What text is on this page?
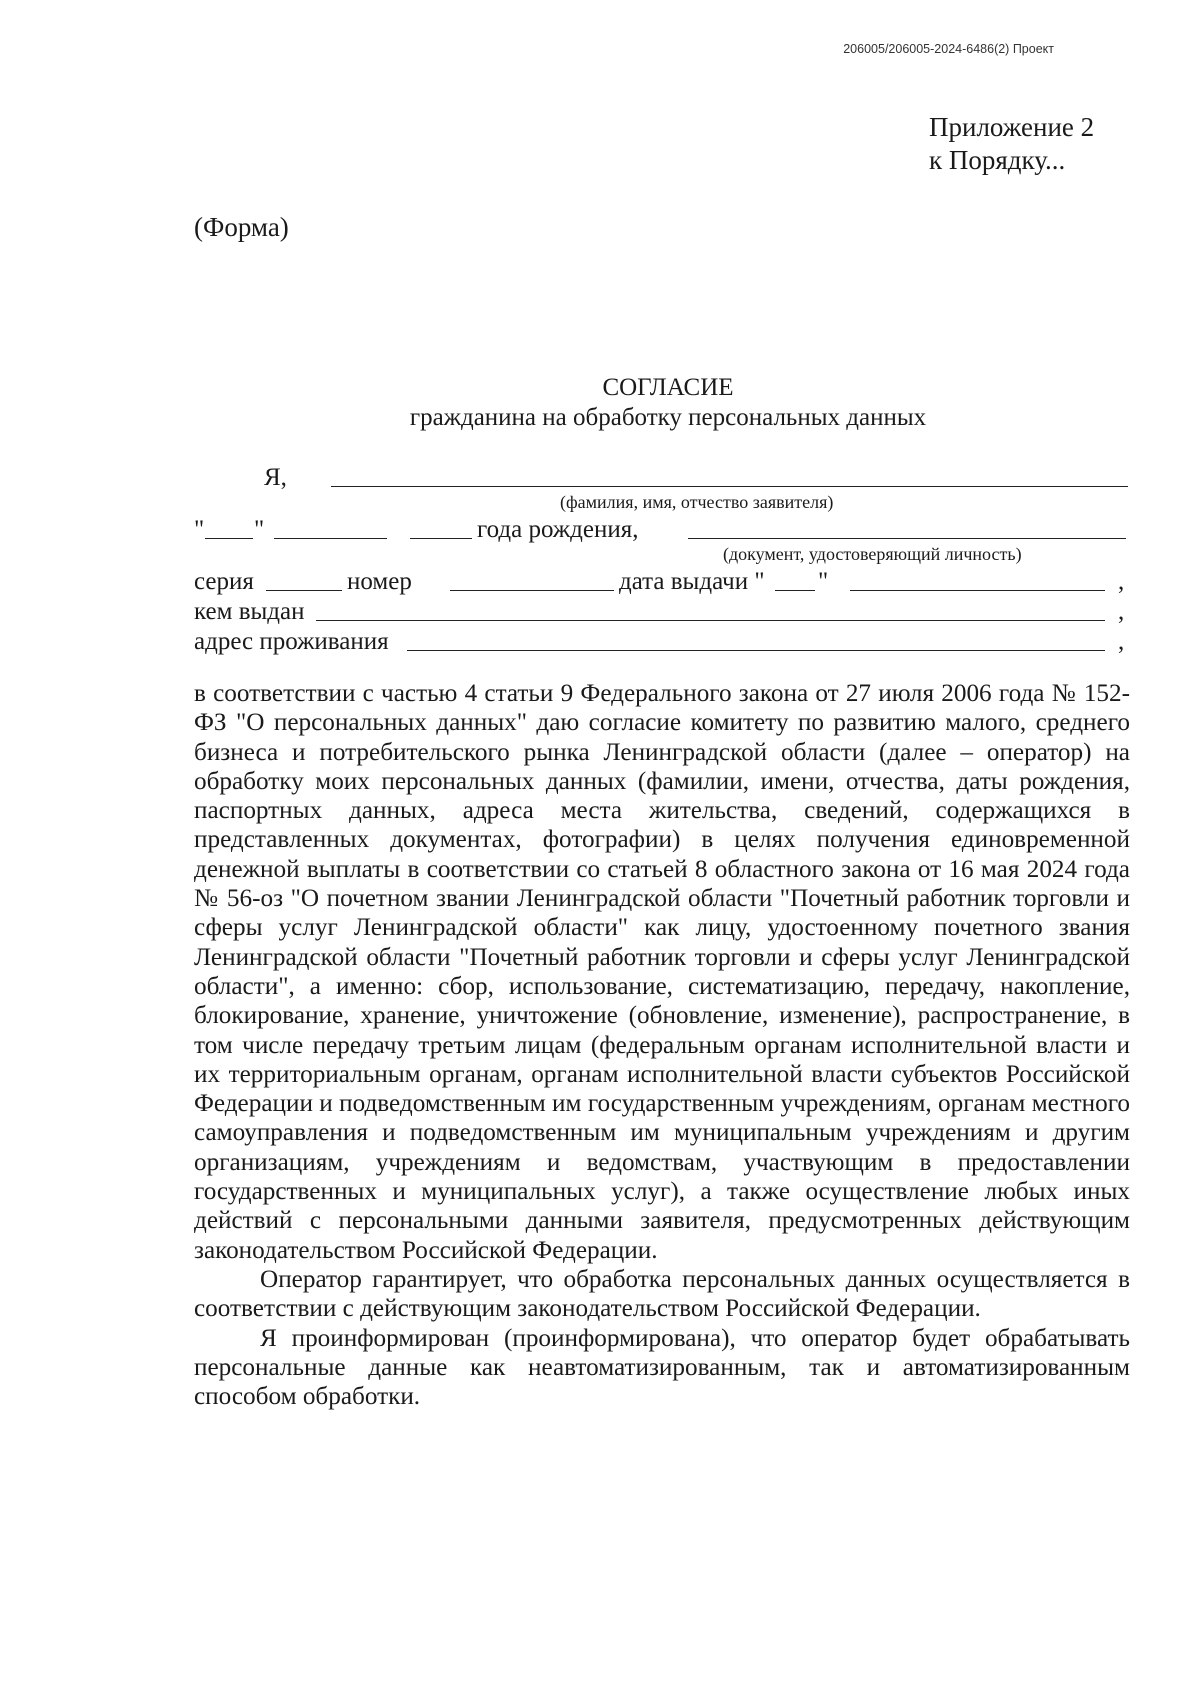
206005/206005-2024-6486(2) Проект
Приложение 2
к Порядку...
(Форма)
СОГЛАСИЕ
гражданина на обработку персональных данных
Я,
(фамилия, имя, отчество заявителя)
" "	года рождения,
(документ, удостоверяющий личность)
серия	номер	дата выдачи " "	,
кем выдан	,
адрес проживания	,

в соответствии с частью 4 статьи 9 Федерального закона от 27 июля 2006 года № 152-ФЗ "О персональных данных" даю согласие комитету по развитию малого, среднего бизнеса и потребительского рынка Ленинградской области (далее – оператор) на обработку моих персональных данных (фамилии, имени, отчества, даты рождения, паспортных данных, адреса места жительства, сведений, содержащихся в представленных документах, фотографии) в целях получения единовременной денежной выплаты в соответствии со статьей 8 областного закона от 16 мая 2024 года № 56-оз "О почетном звании Ленинградской области "Почетный работник торговли и сферы услуг Ленинградской области" как лицу, удостоенному почетного звания Ленинградской области "Почетный работник торговли и сферы услуг Ленинградской области", а именно: сбор, использование, систематизацию, передачу, накопление, блокирование, хранение, уничтожение (обновление, изменение), распространение, в том числе передачу третьим лицам (федеральным органам исполнительной власти и их территориальным органам, органам исполнительной власти субъектов Российской Федерации и подведомственным им государственным учреждениям, органам местного самоуправления и подведомственным им муниципальным учреждениям и другим организациям, учреждениям и ведомствам, участвующим в предоставлении государственных и муниципальных услуг), а также осуществление любых иных действий с персональными данными заявителя, предусмотренных действующим законодательством Российской Федерации.

Оператор гарантирует, что обработка персональных данных осуществляется в соответствии с действующим законодательством Российской Федерации.

Я проинформирован (проинформирована), что оператор будет обрабатывать персональные данные как неавтоматизированным, так и автоматизированным способом обработки.
